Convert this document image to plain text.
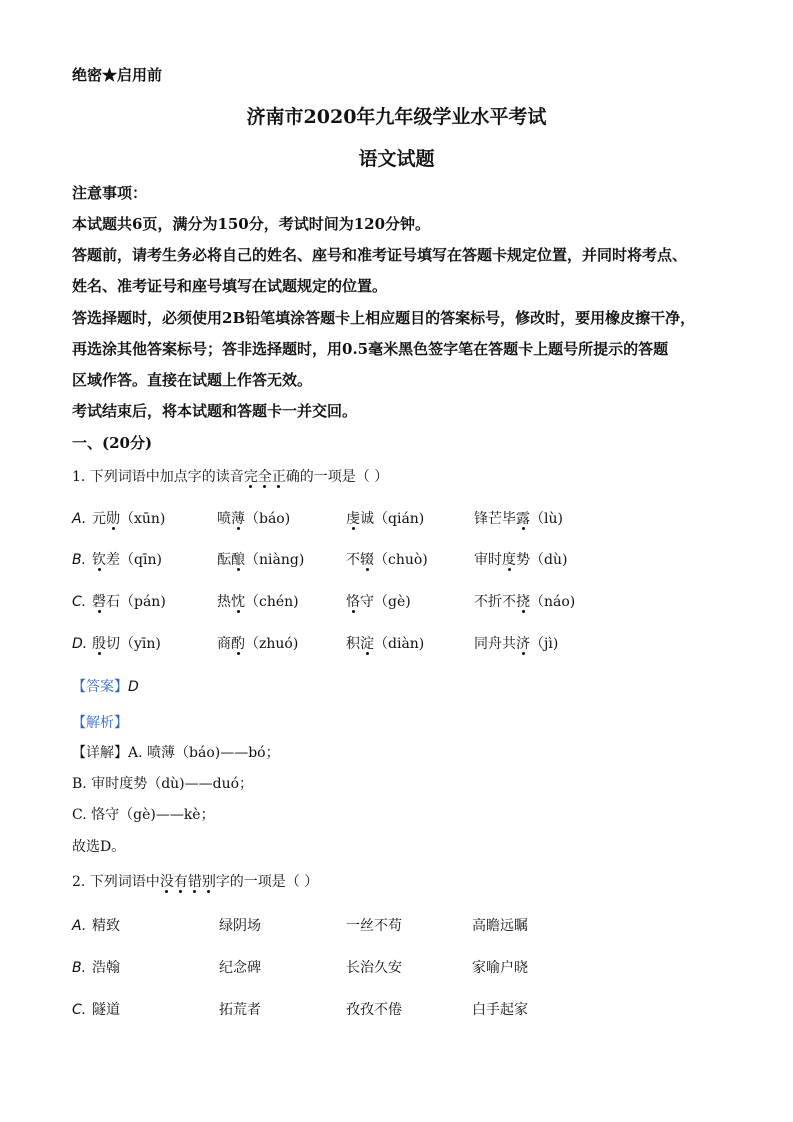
绝密★启用前
济南市2020年九年级学业水平考试
语文试题
注意事项：
本试题共6页，满分为150分，考试时间为120分钟。
答题前，请考生务必将自己的姓名、座号和准考证号填写在答题卡规定位置，并同时将考点、
姓名、准考证号和座号填写在试题规定的位置。
答选择题时，必须使用2B铅笔填涂答题卡上相应题目的答案标号，修改时，要用橡皮擦干净，
再选涂其他答案标号；答非选择题时，用0.5毫米黑色签字笔在答题卡上题号所提示的答题
区域作答。直接在试题上作答无效。
考试结束后，将本试题和答题卡一并交回。
一、(20分)
1. 下列词语中加点字的读音完全正确的一项是（ ）
A. 元勋（xūn)	喷薄（báo)	虔诚（qián)	锋芒毕露（lù)
B. 钦差（qīn)	酝酿（niàng)	不辍（chuò)	审时度势（dù)
C. 磬石（pán)	热忱（chén)	恪守（gè)	不折不挠（náo)
D. 殷切（yīn)	商酌（zhuó)	积淀（diàn)	同舟共济（jì)
【答案】D
【解析】
【详解】A. 喷薄（báo)——bó；
B. 审时度势（dù)——duó；
C. 恪守（gè)——kè；
故选D。
2. 下列词语中没有错别字的一项是（ ）
A. 精致	绿阴场	一丝不苟	高瞻远瞩
B. 浩翰	纪念碑	长治久安	家喻户晓
C. 隧道	拓荒者	孜孜不倦	白手起家
